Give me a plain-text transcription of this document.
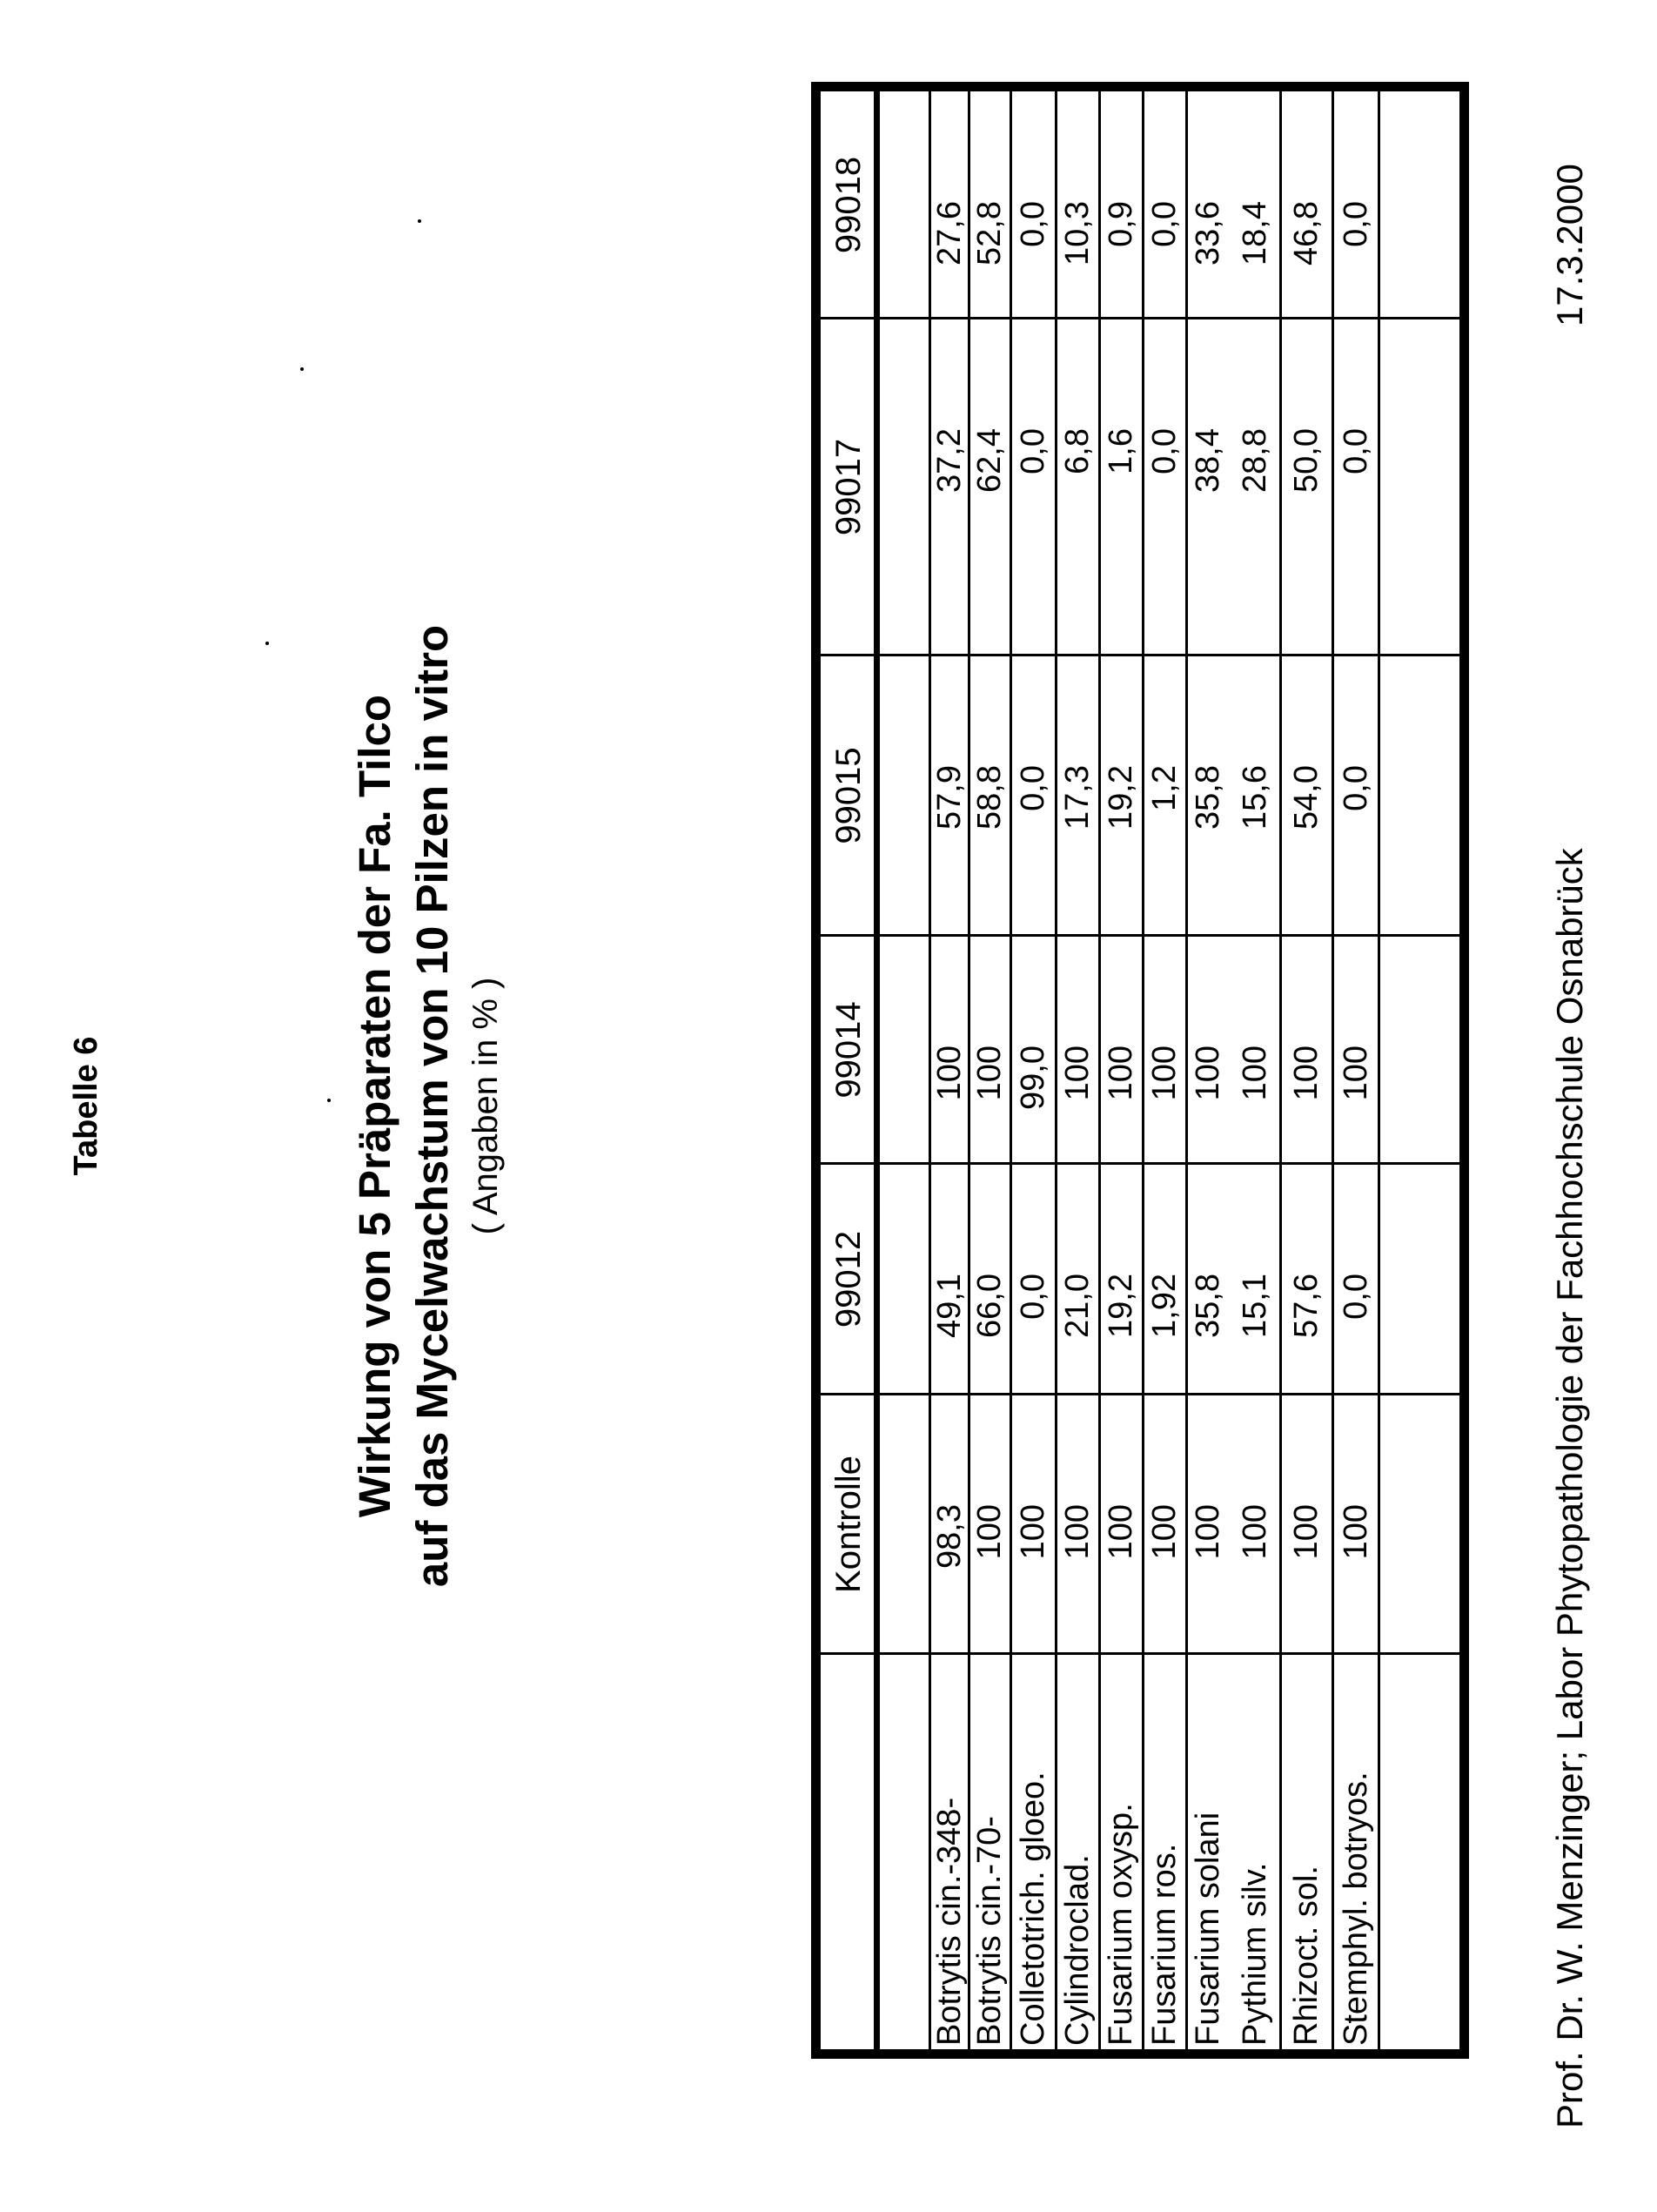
Tabelle 6	Wirkung von 5 Präparaten der Fa. Tilco auf das Mycelwachstum von 10 Pilzen in vitro ( Angaben in % )
Kontrolle
99012
99014
99015
99017
99018
Botrytis cin.-348-
98,3
49,1
100
57,9
37,2
27,6
Botrytis cin.-70-
100
66,0
100
58,8
62,4
52,8
Colletotrich. gloeo.
100
0,0
99,0
0,0
0,0
0,0
Cylindroclad.
100
21,0
100
17,3
6,8
10,3
Fusarium oxysp.
100
19,2
100
19,2
1,6
0,9
Fusarium ros.
100
1,92
100
1,2
0,0
0,0
Fusarium solani
100
35,8
100
35,8
38,4
33,6
Pythium silv.
100
15,1
100
15,6
28,8
18,4
Rhizoct. sol.
100
57,6
100
54,0
50,0
46,8
Stemphyl. botryos.
100
0,0
100
0,0
0,0
0,0
Prof. Dr. W. Menzinger; Labor Phytopathologie der Fachhochschule Osnabrück
17.3.2000
